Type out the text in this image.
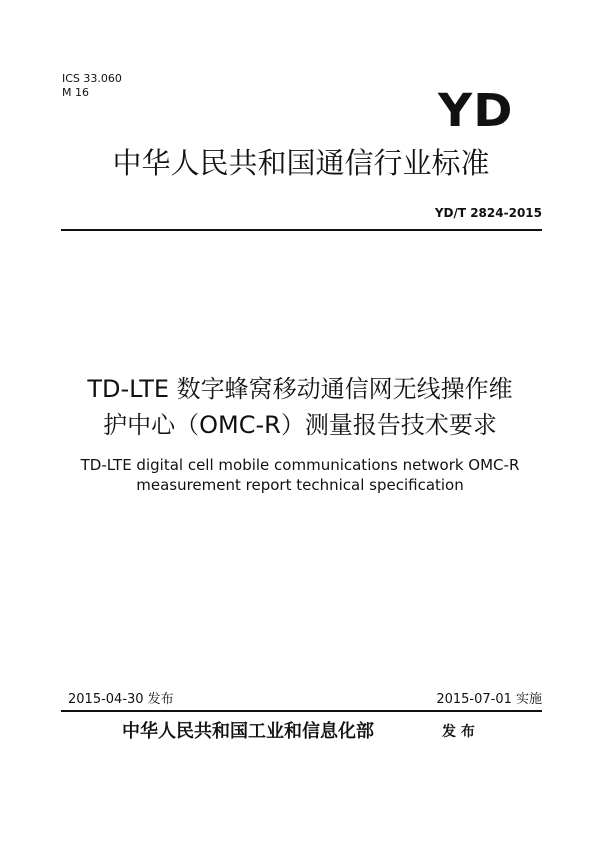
ICS 33.060
M 16	YD
中华人民共和国通信行业标准
YD/T 2824-2015
TD-LTE 数字蜂窝移动通信网无线操作维
护中心（OMC-R）测量报告技术要求
TD-LTE digital cell mobile communications network OMC-R
measurement report technical specification
2015-04-30 发布	2015-07-01 实施
中华人民共和国工业和信息化部	发 布
